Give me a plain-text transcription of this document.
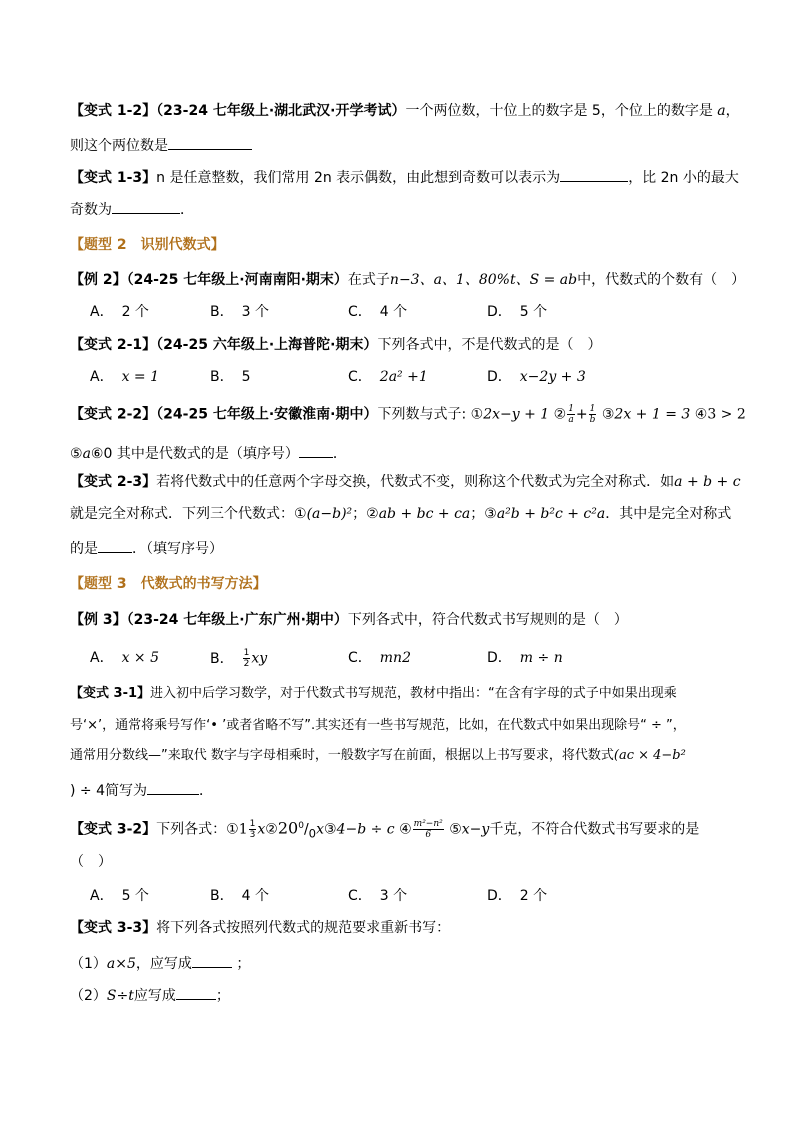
【变式 1-2】（23-24 七年级上·湖北武汉·开学考试）一个两位数，十位上的数字是 5，个位上的数字是 a，
则这个两位数是
【变式 1-3】n 是任意整数，我们常用 2n 表示偶数，由此想到奇数可以表示为	，比 2n 小的最大
奇数为	．
【题型 2　识别代数式】
【例 2】（24-25 七年级上·河南南阳·期末）在式子n−3、a、1、80%t、S = ab中，代数式的个数有（　）
A． 2 个	B． 3 个	C． 4 个	D． 5 个
【变式 2-1】（24-25 六年级上·上海普陀·期末）下列各式中，不是代数式的是（　）
A． x = 1	B． 5	C． 2a² +1	D． x−2y + 3
【变式 2-2】（24-25 七年级上·安徽淮南·期中）下列数与式子: ①2x−y + 1 ② $\frac{1}{a} + \frac{1}{b}$ ③2x + 1 = 3 ④3 > 2
⑤a⑥0 其中是代数式的是（填序号） ．
【变式 2-3】若将代数式中的任意两个字母交换，代数式不变，则称这个代数式为完全对称式．如a + b + c
就是完全对称式．下列三个代数式：①(a−b)²；②ab + bc + ca；③a²b + b²c + c²a．其中是完全对称式
的是 ．（填写序号）
【题型 3　代数式的书写方法】
【例 3】（23-24 七年级上·广东广州·期中）下列各式中，符合代数式书写规则的是（　）
A． x × 5	B． $\frac{1}{2}$ xy	C． mn2	D． m ÷ n
【变式 3-1】进入初中后学习数学，对于代数式书写规范，教材中指出：“在含有字母的式子中如果出现乘
号‘×’，通常将乘号写作‘• ’或者省略不写”.其实还有一些书写规范，比如，在代数式中如果出现除号“ ÷ ”，
通常用分数线—”来取代 数字与字母相乘时，一般数字写在前面，根据以上书写要求，将代数式(ac × 4−b²
) ÷ 4简写为	．
【变式 3-2】下列各式：①1 $\frac{1}{3}$ $x②20^0/_0x③4-b \div c$ ④ $\frac{\text{m²−n²}}{6}$ ⑤x−y千克，不符合代数式书写要求的是
（　）
A． 5 个	B． 4 个	C． 3 个	D． 2 个
【变式 3-3】将下列各式按照列代数式的规范要求重新书写：
（1）a×5，应写成	；
（2）S÷t应写成	；
